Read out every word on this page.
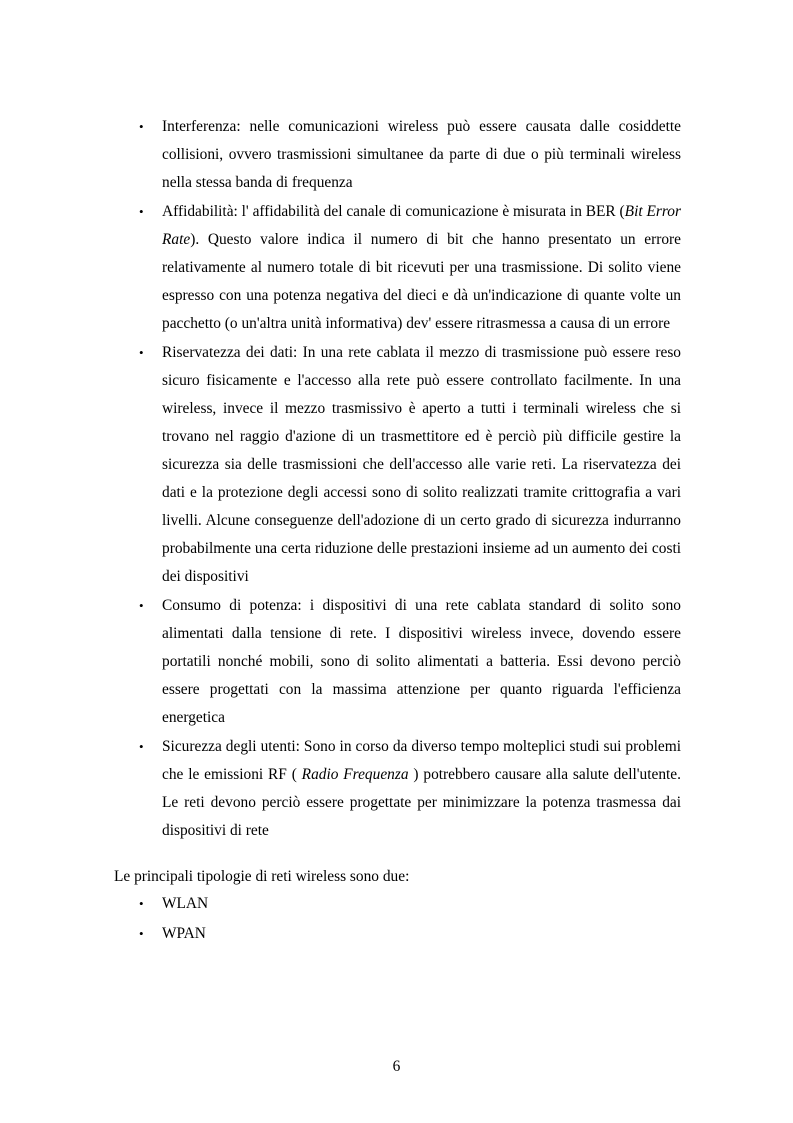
• Interferenza: nelle comunicazioni wireless può essere causata dalle cosiddette collisioni, ovvero trasmissioni simultanee da parte di due o più terminali wireless nella stessa banda di frequenza
• Affidabilità: l' affidabilità del canale di comunicazione è misurata in BER (Bit Error Rate). Questo valore indica il numero di bit che hanno presentato un errore relativamente al numero totale di bit ricevuti per una trasmissione. Di solito viene espresso con una potenza negativa del dieci e dà un'indicazione di quante volte un pacchetto (o un'altra unità informativa) dev' essere ritrasmessa a causa di un errore
• Riservatezza dei dati: In una rete cablata il mezzo di trasmissione può essere reso sicuro fisicamente e l'accesso alla rete può essere controllato facilmente. In una wireless, invece il mezzo trasmissivo è aperto a tutti i terminali wireless che si trovano nel raggio d'azione di un trasmettitore ed è perciò più difficile gestire la sicurezza sia delle trasmissioni che dell'accesso alle varie reti. La riservatezza dei dati e la protezione degli accessi sono di solito realizzati tramite crittografia a vari livelli. Alcune conseguenze dell'adozione di un certo grado di sicurezza indurranno probabilmente una certa riduzione delle prestazioni insieme ad un aumento dei costi dei dispositivi
• Consumo di potenza: i dispositivi di una rete cablata standard di solito sono alimentati dalla tensione di rete. I dispositivi wireless invece, dovendo essere portatili nonché mobili, sono di solito alimentati a batteria. Essi devono perciò essere progettati con la massima attenzione per quanto riguarda l'efficienza energetica
• Sicurezza degli utenti: Sono in corso da diverso tempo molteplici studi sui problemi che le emissioni RF ( Radio Frequenza ) potrebbero causare alla salute dell'utente. Le reti devono perciò essere progettate per minimizzare la potenza trasmessa dai dispositivi di rete
Le principali tipologie di reti wireless sono due:
• WLAN
• WPAN
6
